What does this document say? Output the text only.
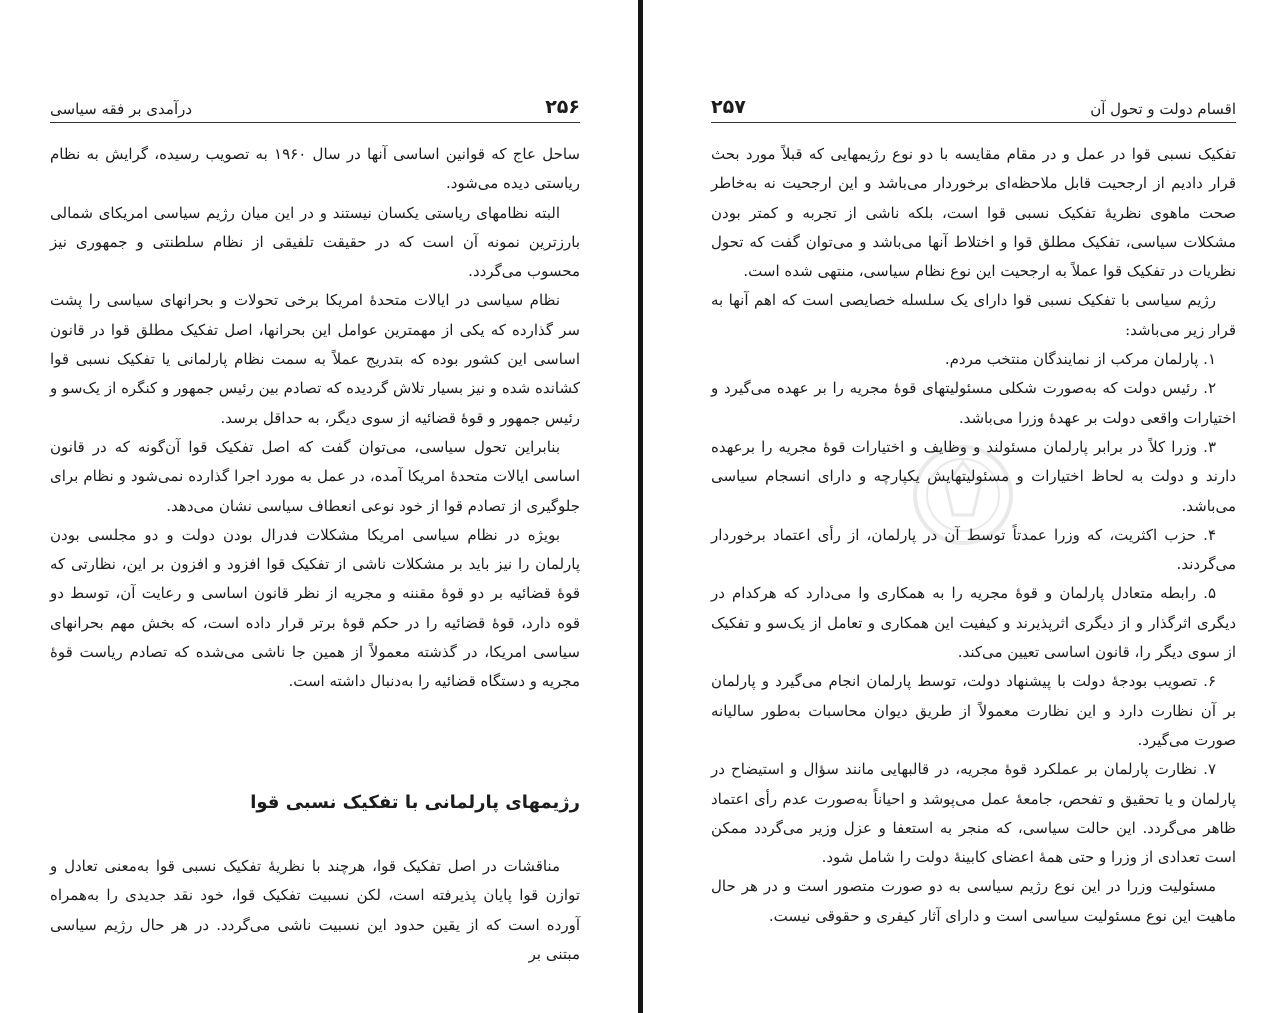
درآمدی بر فقه سیاسی	۲۵۶

ساحل عاج که قوانین اساسی آنها در سال ۱۹۶۰ به تصویب رسیده، گرایش به نظام ریاستی دیده می‌شود.

البته نظامهای ریاستی یکسان نیستند و در این میان رژیم سیاسی امریکای شمالی بارزترین نمونه آن است که در حقیقت تلفیقی از نظام سلطنتی و جمهوری نیز محسوب می‌گردد.

نظام سیاسی در ایالات متحدهٔ امریکا برخی تحولات و بحرانهای سیاسی را پشت سر گذارده که یکی از مهمترین عوامل این بحرانها، اصل تفکیک مطلق قوا در قانون اساسی این کشور بوده که بتدریج عملاً به سمت نظام پارلمانی یا تفکیک نسبی قوا کشانده شده و نیز بسیار تلاش گردیده که تصادم بین رئیس جمهور و کنگره از یک‌سو و رئیس جمهور و قوهٔ قضائیه از سوی دیگر، به حداقل برسد.

بنابراین تحول سیاسی، می‌توان گفت که اصل تفکیک قوا آن‌گونه که در قانون اساسی ایالات متحدهٔ امریکا آمده، در عمل به مورد اجرا گذارده نمی‌شود و نظام برای جلوگیری از تصادم قوا از خود نوعی انعطاف سیاسی نشان می‌دهد.

بویژه در نظام سیاسی امریکا مشکلات فدرال بودن دولت و دو مجلسی بودن پارلمان را نیز باید بر مشکلات ناشی از تفکیک قوا افزود و افزون بر این، نظارتی که قوهٔ قضائیه بر دو قوهٔ مقننه و مجریه از نظر قانون اساسی و رعایت آن، توسط دو قوه دارد، قوهٔ قضائیه را در حکم قوهٔ برتر قرار داده است، که بخش مهم بحرانهای سیاسی امریکا، در گذشته معمولاً از همین جا ناشی می‌شده که تصادم ریاست قوهٔ مجریه و دستگاه قضائیه را به‌دنبال داشته است.

رژیمهای پارلمانی با تفکیک نسبی قوا

مناقشات در اصل تفکیک قوا، هرچند با نظریهٔ تفکیک نسبی قوا به‌معنی تعادل و توازن قوا پایان پذیرفته است، لکن نسبیت تفکیک قوا، خود نقد جدیدی را به‌همراه آورده است که از یقین حدود این نسبیت ناشی می‌گردد. در هر حال رژیم سیاسی مبتنی بر

۲۵۷	اقسام دولت و تحول آن

تفکیک نسبی قوا در عمل و در مقام مقایسه با دو نوع رژیمهایی که قبلاً مورد بحث قرار دادیم از ارجحیت قابل ملاحظه‌ای برخوردار می‌باشد و این ارجحیت نه به‌خاطر صحت ماهوی نظریهٔ تفکیک نسبی قوا است، بلکه ناشی از تجربه و کمتر بودن مشکلات سیاسی، تفکیک مطلق قوا و اختلاط آنها می‌باشد و می‌توان گفت که تحول نظریات در تفکیک قوا عملاً به ارجحیت این نوع نظام سیاسی، منتهی شده است.

رژیم سیاسی با تفکیک نسبی قوا دارای یک سلسله خصایصی است که اهم آنها به قرار زیر می‌باشد:

۱. پارلمان مرکب از نمایندگان منتخب مردم.

۲. رئیس دولت که به‌صورت شکلی مسئولیتهای قوهٔ مجریه را بر عهده می‌گیرد و اختیارات واقعی دولت بر عهدهٔ وزرا می‌باشد.

۳. وزرا کلاً در برابر پارلمان مسئولند و وظایف و اختیارات قوهٔ مجریه را برعهده دارند و دولت به لحاظ اختیارات و مسئولیتهایش یکپارچه و دارای انسجام سیاسی می‌باشد.

۴. حزب اکثریت، که وزرا عمدتاً توسط آن در پارلمان، از رأی اعتماد برخوردار می‌گردند.

۵. رابطه متعادل پارلمان و قوهٔ مجریه را به همکاری وا می‌دارد که هرکدام در دیگری اثرگذار و از دیگری اثرپذیرند و کیفیت این همکاری و تعامل از یک‌سو و تفکیک از سوی دیگر را، قانون اساسی تعیین می‌کند.

۶. تصویب بودجهٔ دولت با پیشنهاد دولت، توسط پارلمان انجام می‌گیرد و پارلمان بر آن نظارت دارد و این نظارت معمولاً از طریق دیوان محاسبات به‌طور سالیانه صورت می‌گیرد.

۷. نظارت پارلمان بر عملکرد قوهٔ مجریه، در قالبهایی مانند سؤال و استیضاح در پارلمان و یا تحقیق و تفحص، جامعهٔ عمل می‌پوشد و احیاناً به‌صورت عدم رأی اعتماد ظاهر می‌گردد. این حالت سیاسی، که منجر به استعفا و عزل وزیر می‌گردد ممکن است تعدادی از وزرا و حتی همهٔ اعضای کابینهٔ دولت را شامل شود.

مسئولیت وزرا در این نوع رژیم سیاسی به دو صورت متصور است و در هر حال ماهیت این نوع مسئولیت سیاسی است و دارای آثار کیفری و حقوقی نیست.
